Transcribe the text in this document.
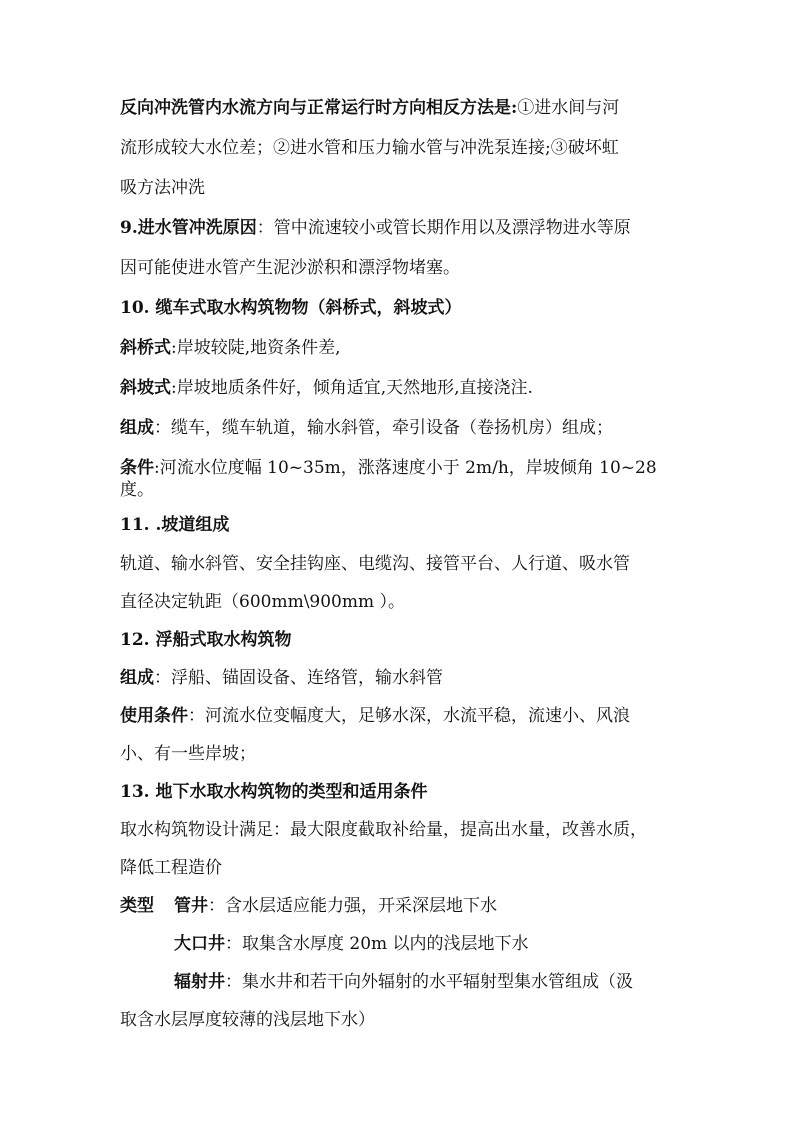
反向冲洗管内水流方向与正常运行时方向相反方法是:①进水间与河
流形成较大水位差；②进水管和压力输水管与冲洗泵连接;③破坏虹
吸方法冲洗
9.进水管冲洗原因：管中流速较小或管长期作用以及漂浮物进水等原
因可能使进水管产生泥沙淤积和漂浮物堵塞。
10. 缆车式取水构筑物物（斜桥式，斜坡式）
斜桥式:岸坡较陡,地资条件差,
斜坡式:岸坡地质条件好，倾角适宜,天然地形,直接浇注.
组成：缆车，缆车轨道，输水斜管，牵引设备（卷扬机房）组成；
条件:河流水位度幅 10~35m，涨落速度小于 2m/h，岸坡倾角 10~28
度。
11. .坡道组成
轨道、输水斜管、安全挂钩座、电缆沟、接管平台、人行道、吸水管
直径决定轨距（600mm\900mm ）。
12. 浮船式取水构筑物
组成：浮船、锚固设备、连络管，输水斜管
使用条件：河流水位变幅度大，足够水深，水流平稳，流速小、风浪
小、有一些岸坡；
13. 地下水取水构筑物的类型和适用条件
取水构筑物设计满足：最大限度截取补给量，提高出水量，改善水质，
降低工程造价
类型 管井：含水层适应能力强，开采深层地下水
大口井：取集含水厚度 20m 以内的浅层地下水
辐射井：集水井和若干向外辐射的水平辐射型集水管组成（汲
取含水层厚度较薄的浅层地下水）
